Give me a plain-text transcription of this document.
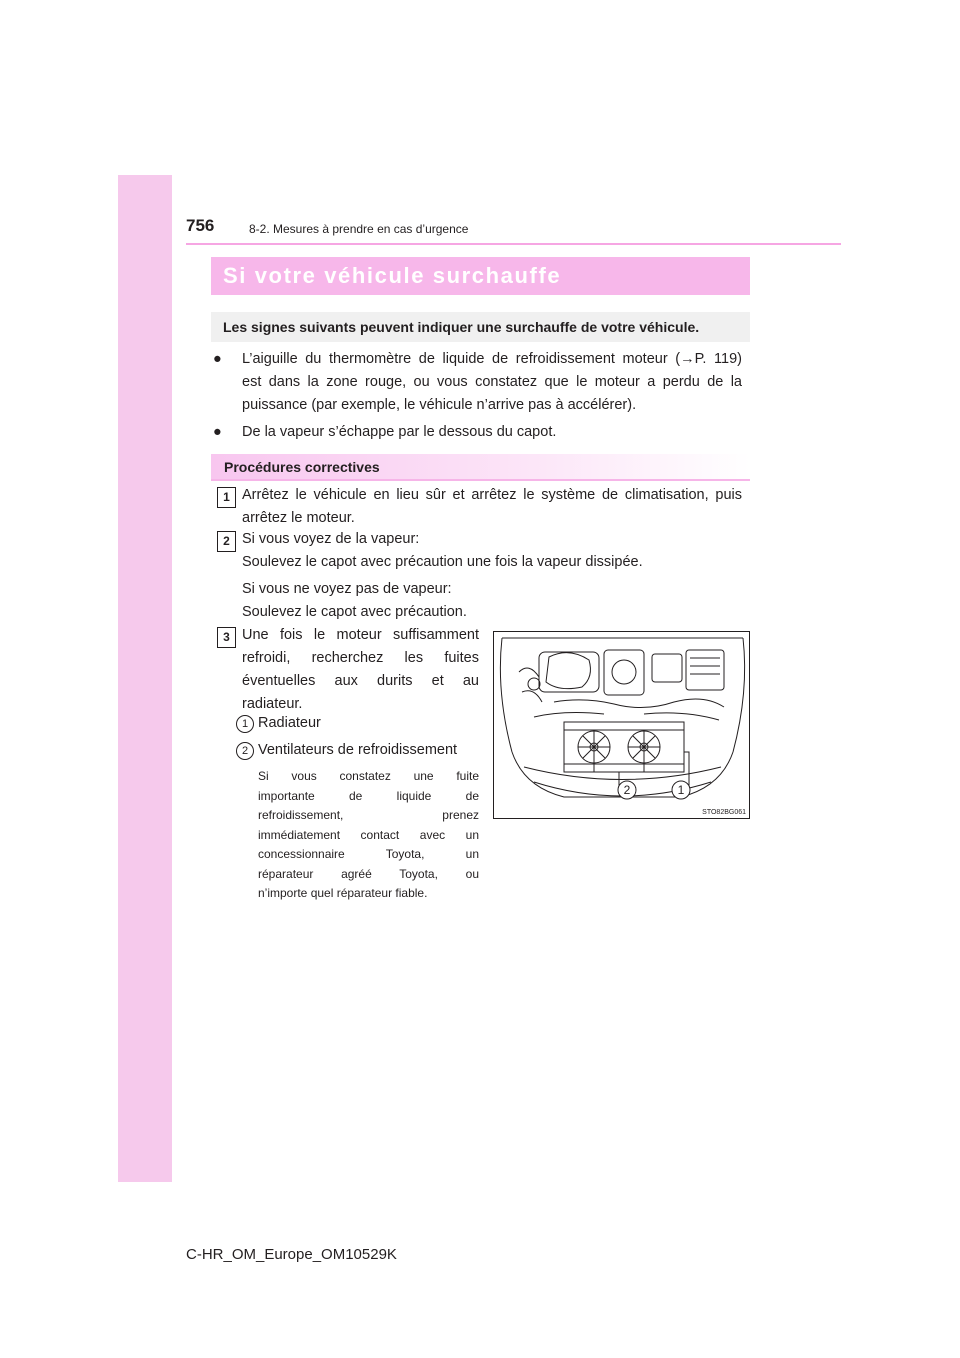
756	8-2. Mesures à prendre en cas d’urgence
Si votre véhicule surchauffe
Les signes suivants peuvent indiquer une surchauffe de votre véhicule.
● L’aiguille du thermomètre de liquide de refroidissement moteur (→P. 119)
est dans la zone rouge, ou vous constatez que le moteur a perdu de la
puissance (par exemple, le véhicule n’arrive pas à accélérer).
● De la vapeur s’échappe par le dessous du capot.
Procédures correctives
1 Arrêtez le véhicule en lieu sûr et arrêtez le système de climatisation, puis
arrêtez le moteur.
2 Si vous voyez de la vapeur:
Soulevez le capot avec précaution une fois la vapeur dissipée.
Si vous ne voyez pas de vapeur:
Soulevez le capot avec précaution.
3 Une fois le moteur suffisamment
refroidi, recherchez les fuites
éventuelles aux durits et au
radiateur.
1 Radiateur
2 Ventilateurs de refroidissement
Si vous constatez une fuite
importante de liquide de
refroidissement, prenez
immédiatement contact avec un
concessionnaire Toyota, un
réparateur agréé Toyota, ou
n’importe quel réparateur fiable.
2	1
STO82BG061
C-HR_OM_Europe_OM10529K
